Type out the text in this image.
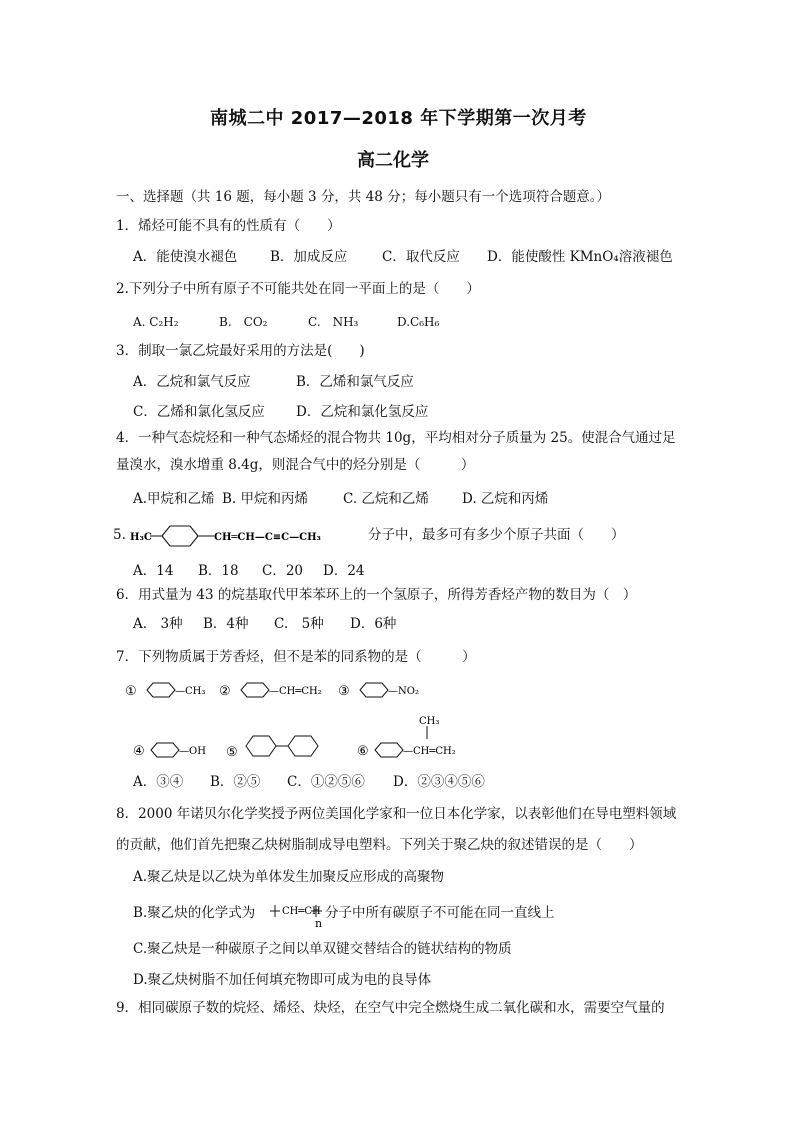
南城二中 2017—2018 年下学期第一次月考
高二化学
一、选择题（共 16 题，每小题 3 分，共 48 分；每小题只有一个选项符合题意。）
1．烯烃可能不具有的性质有（　　）
A．能使溴水褪色 B．加成反应	C．取代反应 D．能使酸性 KMnO₄溶液褪色
2.下列分子中所有原子不可能共处在同一平面上的是（　　）
A. C₂H₂	B.　CO₂	C.　NH₃	D.C₆H₆
3．制取一氯乙烷最好采用的方法是(　　)
A．乙烷和氯气反应	B．乙烯和氯气反应
C．乙烯和氯化氢反应 D．乙烷和氯化氢反应
4．一种气态烷烃和一种气态烯烃的混合物共 10g，平均相对分子质量为 25。使混合气通过足
量溴水，溴水增重 8.4g，则混合气中的烃分别是（　　　）
A.甲烷和乙烯 B. 甲烷和丙烯	C. 乙烷和乙烯 D. 乙烷和丙烯
5. H₃C	CH═CH—C≡C—CH₃	分子中，最多可有多少个原子共面（　　）
A．14 B．18 C．20 D．24
6．用式量为 43 的烷基取代甲苯苯环上的一个氢原子，所得芳香烃产物的数目为（　）
A.　3种 B．4种 C.　5种 D．6种
7．下列物质属于芳香烃，但不是苯的同系物的是（　　　）
①	—CH₃ ②	—CH═CH₂ ③	—NO₂
④	—OH ⑤
CH₃
⑥	—CH═CH₂
A．③④ B．②⑤ C．①②⑤⑥ D．②③④⑤⑥
8．2000 年诺贝尔化学奖授予两位美国化学家和一位日本化学家，以表彰他们在导电塑料领域
的贡献，他们首先把聚乙炔树脂制成导电塑料。下列关于聚乙炔的叙述错误的是（　　）
A.聚乙炔是以乙炔为单体发生加聚反应形成的高聚物
B.聚乙炔的化学式为	CH═CH
n
分子中所有碳原子不可能在同一直线上
C.聚乙炔是一种碳原子之间以单双键交替结合的链状结构的物质
D.聚乙炔树脂不加任何填充物即可成为电的良导体
9．相同碳原子数的烷烃、烯烃、炔烃，在空气中完全燃烧生成二氧化碳和水，需要空气量的
